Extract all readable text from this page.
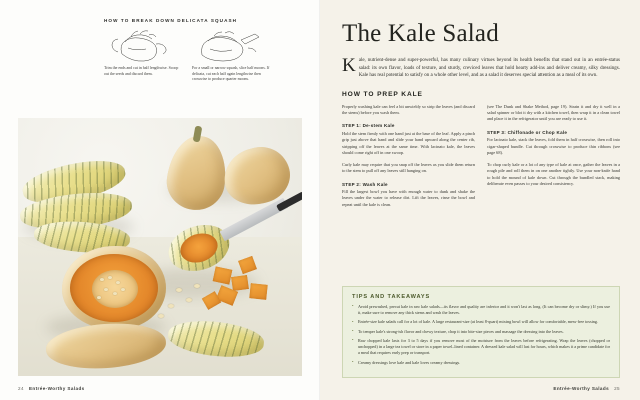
HOW TO BREAK DOWN DELICATA SQUASH
Trim the ends and cut in half lengthwise. Scoop out the seeds and discard them.
For a small or narrow squash, slice half moons. If delicata, cut each half again lengthwise then crosswise to produce quarter moons.
24 Entrée-Worthy Salads
The Kale Salad
K ale, nutrient-dense and super-powerful, has many culinary virtues beyond its health benefits that stand out in an entrée-status salad: its own flavor, loads of texture, and sturdy, creviced leaves that hold hearty add-ins and deliver creamy, silky dressings. Kale has real potential to satisfy on a whole other level, and as a salad it deserves special attention as a meal of its own.
HOW TO PREP KALE
Properly washing kale can feel a bit unwieldy so strip the leaves (and discard the stems) before you wash them.
STEP 1: De-stem Kale
Hold the stem firmly with one hand just at the base of the leaf. Apply a pinch grip just above that hand and slide your hand upward along the center rib, stripping off the leaves at the same time. With lacinato kale, the leaves should come right off in one swoop.
Curly kale may require that you snap off the leaves as you slide them return to the stem to pull off any leaves still hanging on.
STEP 2: Wash Kale
Fill the largest bowl you have with enough water to dunk and shake the leaves under the water to release dirt. Lift the leaves, rinse the bowl and repeat until the kale is clean.
(see The Dunk and Shake Method, page 19). Strain it and dry it well in a salad spinner or blot it dry with a kitchen towel, then wrap it in a clean towel and place it in the refrigerator until you are ready to use it.
STEP 3: Chiffonade or Chop Kale
For lacinato kale, stack the leaves, fold them in half crosswise, then roll into cigar-shaped bundle. Cut through crosswise to produce thin ribbons (see page 68).
To chop curly kale or a lot of any type of kale at once, gather the leaves in a rough pile and roll them in on one another tightly. Use your non-knife hand to hold the mound of kale down. Cut through the bundled stack, making deliberate even passes to your desired consistency.
TIPS AND TAKEAWAYS
• Avoid prewashed, precut kale in raw kale salads—its flavor and quality are inferior and it won't last as long. (It can become dry or slimy.) If you use it, make sure to remove any thick stems and wash the leaves.
• Entrée-size kale salads call for a lot of kale. A large restaurant-size (at least 8-quart) mixing bowl will allow for comfortable, mess-free tossing.
• To temper kale's strong-ish flavor and chewy texture, chop it into bite-size pieces and massage the dressing into the leaves.
• Raw chopped kale lasts for 3 to 5 days if you remove most of the moisture from the leaves before refrigerating. Wrap the leaves (chopped or unchopped) in a large tea towel or store in a paper towel–lined container. A dressed kale salad will last for hours, which makes it a prime candidate for a meal that requires early prep or transport.
• Creamy dressings love kale and kale loves creamy dressings.
Entrée-Worthy Salads 25
